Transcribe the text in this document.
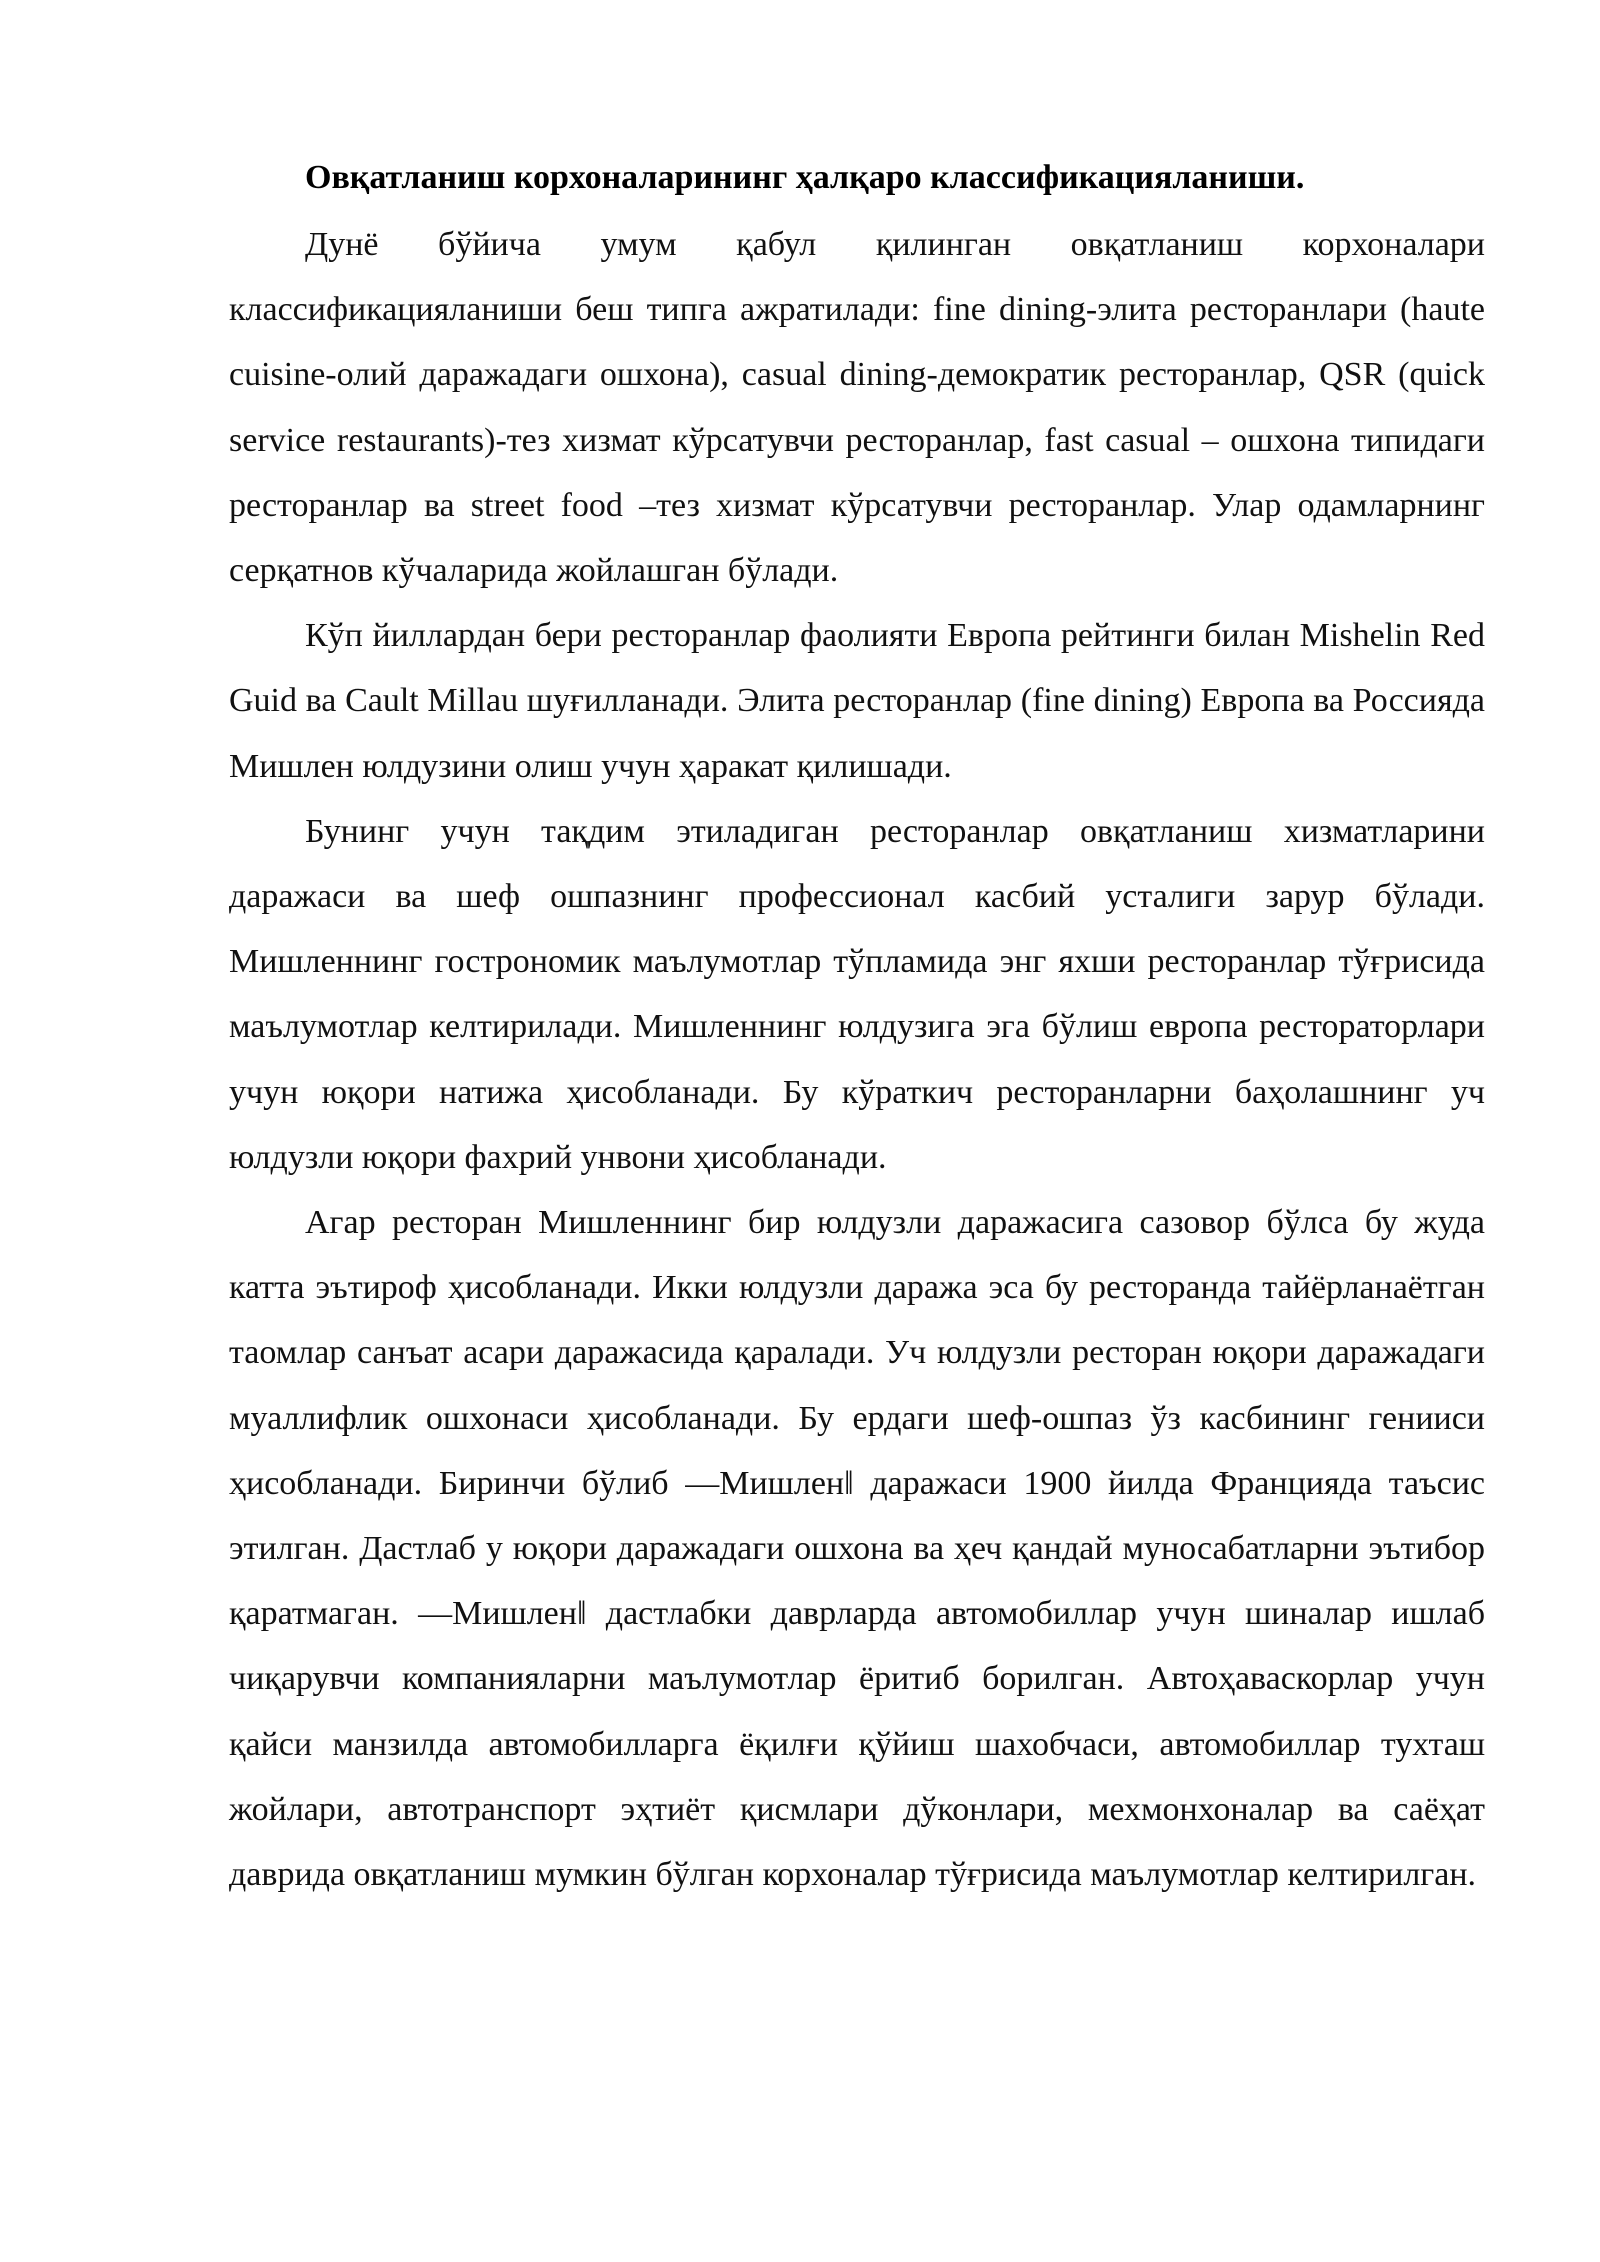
Овқатланиш корхоналарининг ҳалқаро классификацияланиши.

Дунё бўйича умум қабул қилинган овқатланиш корхоналари классификацияланиши беш типга ажратилади: fine dining-элита ресторанлари (haute cuisine-олий даражадаги ошхона), casual dining-демократик ресторанлар, QSR (quick service restaurants)-тез хизмат кўрсатувчи ресторанлар, fast casual – ошхона типидаги ресторанлар ва street food –тез хизмат кўрсатувчи ресторанлар. Улар одамларнинг серқатнов кўчаларида жойлашган бўлади.

Кўп йиллардан бери ресторанлар фаолияти Европа рейтинги билан Mishelin Red Guid ва Cault Millau шуғилланади. Элита ресторанлар (fine dining) Европа ва Россияда Мишлен юлдузини олиш учун ҳаракат қилишади.

Бунинг учун тақдим этиладиган ресторанлар овқатланиш хизматларини даражаси ва шеф ошпазнинг профессионал касбий усталиги зарур бўлади. Мишленнинг гострономик маълумотлар тўпламида энг яхши ресторанлар тўғрисида маълумотлар келтирилади. Мишленнинг юлдузига эга бўлиш европа рестораторлари учун юқори натижа ҳисобланади. Бу кўраткич ресторанларни баҳолашнинг уч юлдузли юқори фахрий унвони ҳисобланади.

Агар ресторан Мишленнинг бир юлдузли даражасига сазовор бўлса бу жуда катта эътироф ҳисобланади. Икки юлдузли даража эса бу ресторанда тайёрланаётган таомлар санъат асари даражасида қаралади. Уч юлдузли ресторан юқори даражадаги муаллифлик ошхонаси ҳисобланади. Бу ердаги шеф-ошпаз ўз касбининг генииси ҳисобланади. Биринчи бўлиб ―Мишлен‖ даражаси 1900 йилда Францияда таъсис этилган. Дастлаб у юқори даражадаги ошхона ва ҳеч қандай муносабатларни эътибор қаратмаган. ―Мишлен‖ дастлабки даврларда автомобиллар учун шиналар ишлаб чиқарувчи компанияларни маълумотлар ёритиб борилган. Автоҳаваскорлар учун қайси манзилда автомобилларга ёқилғи қўйиш шахобчаси, автомобиллар тухташ жойлари, автотранспорт эҳтиёт қисмлари дўконлари, мехмонхоналар ва саёҳат даврида овқатланиш мумкин бўлган корхоналар тўғрисида маълумотлар келтирилган.
